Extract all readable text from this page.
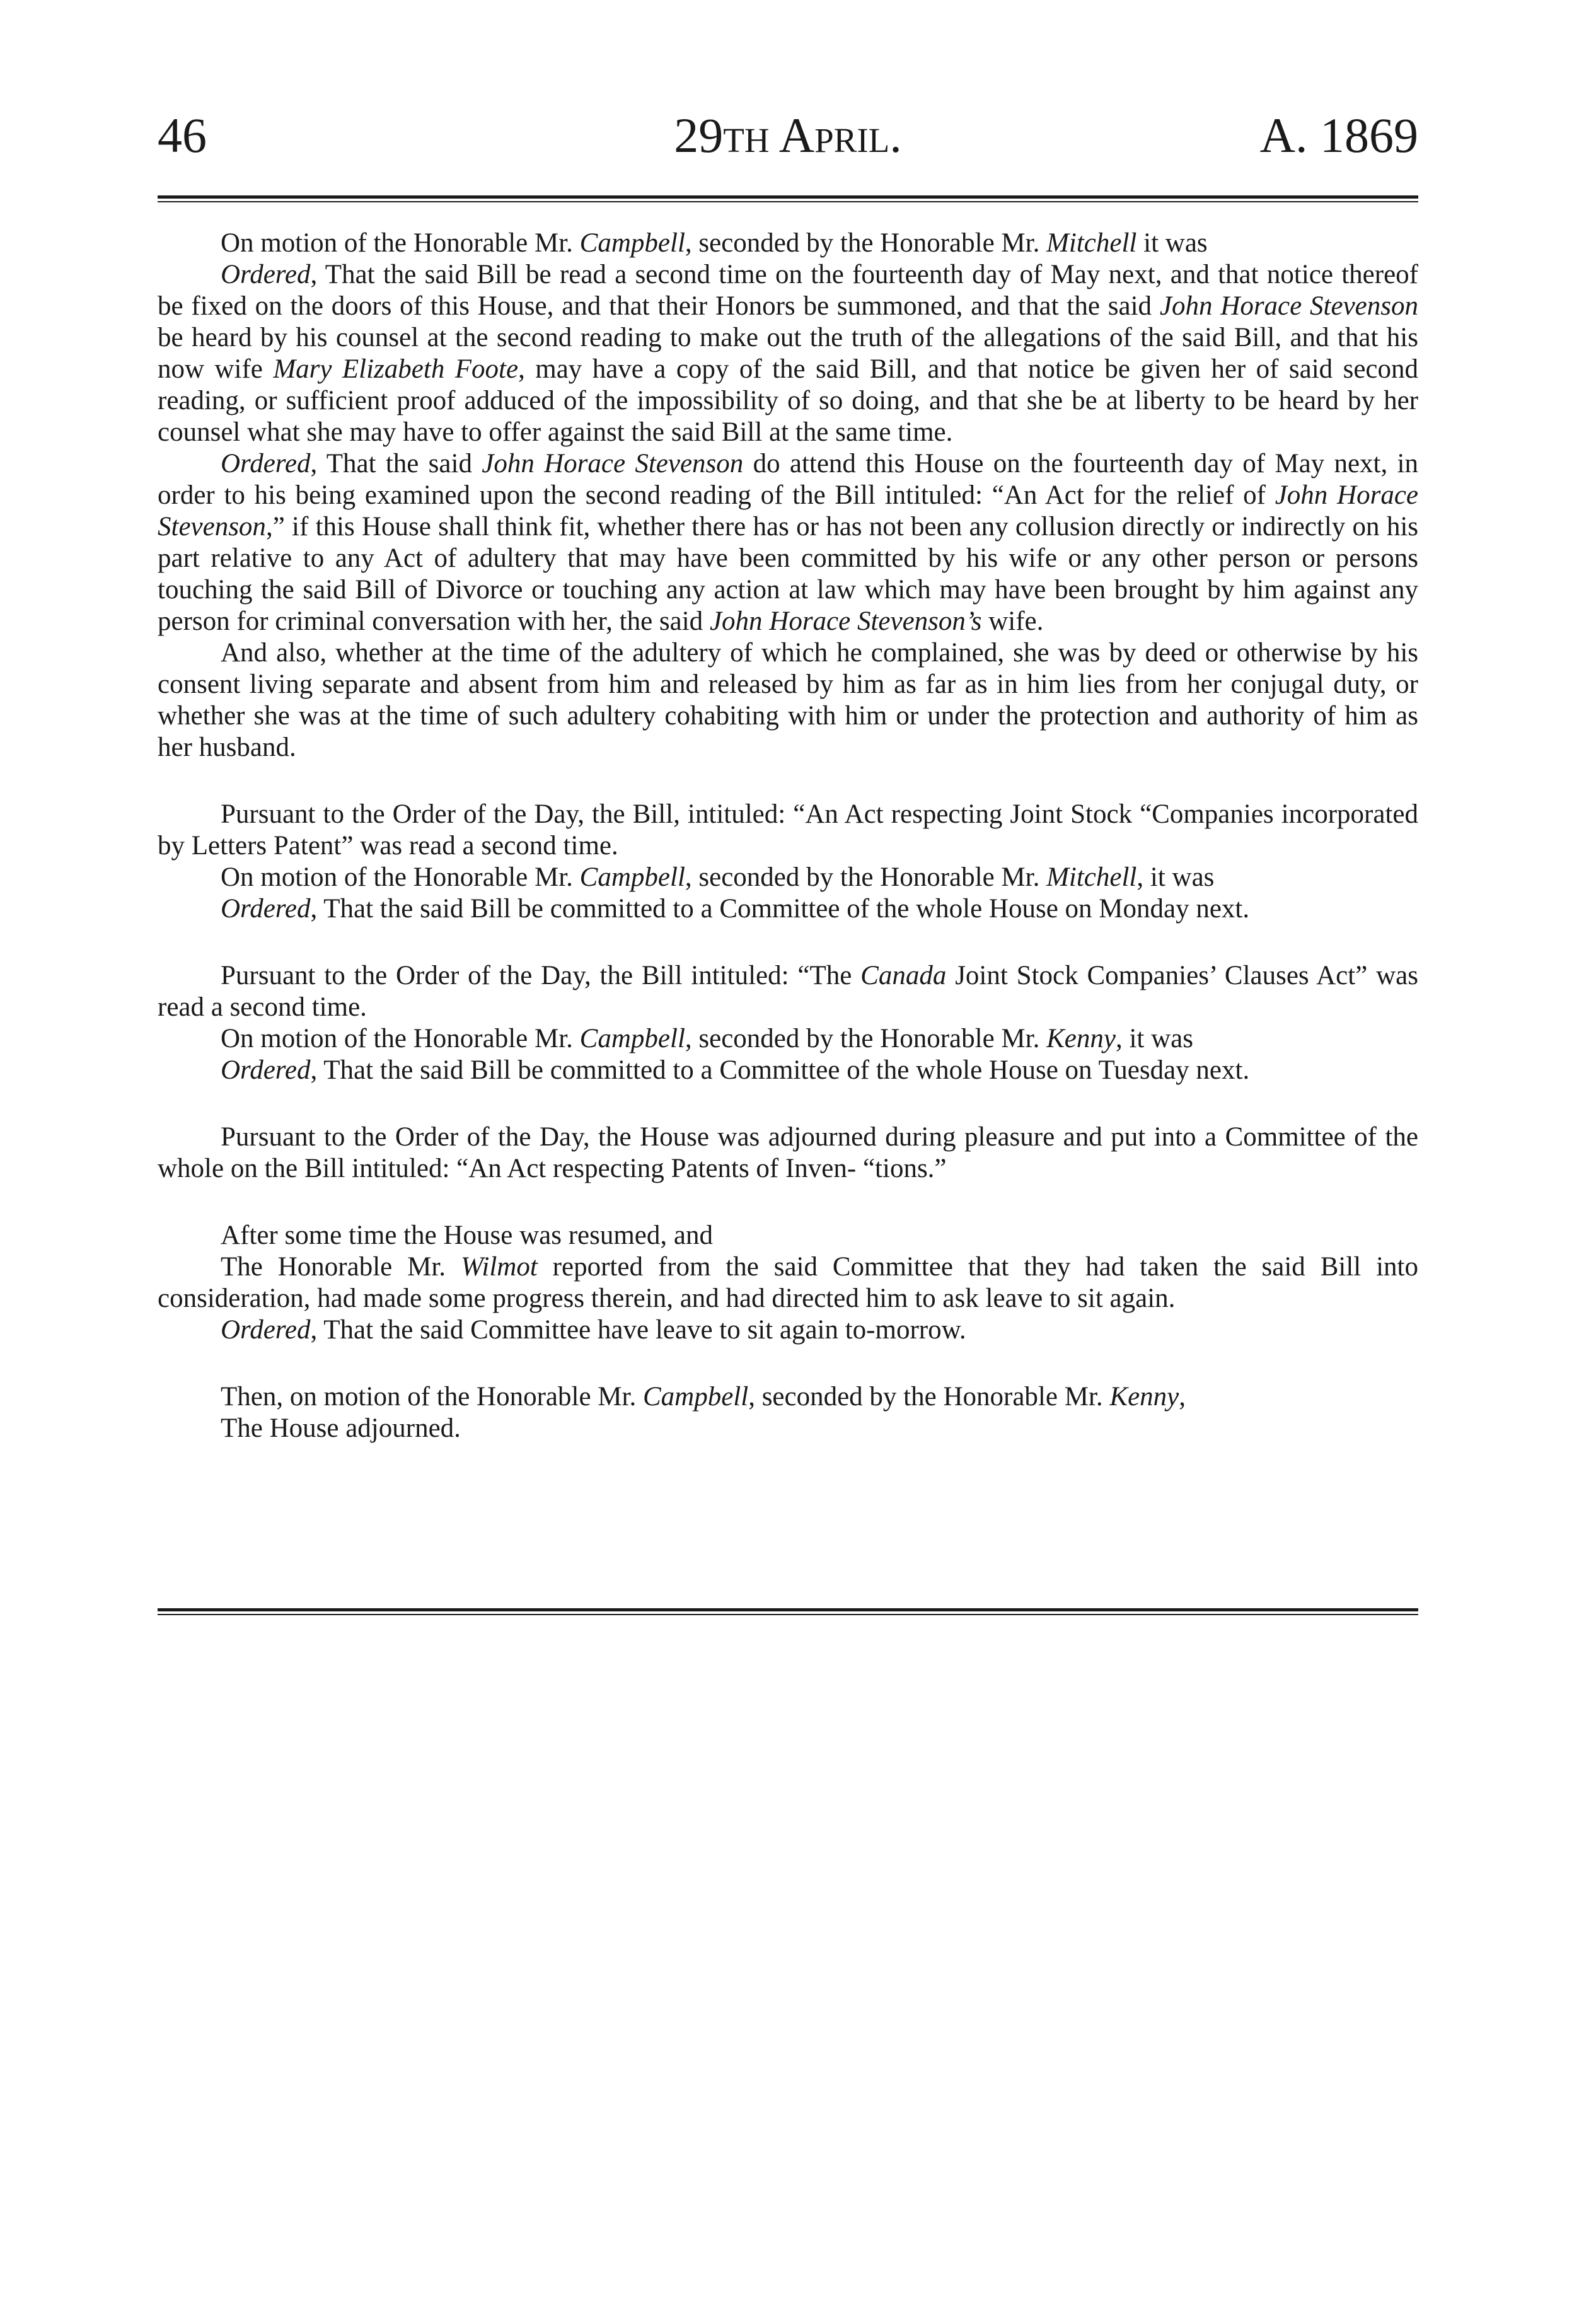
46	29th April.	A. 1869

On motion of the Honorable Mr. Campbell, seconded by the Honorable Mr. Mitchell it was

Ordered, That the said Bill be read a second time on the fourteenth day of May next, and that notice thereof be fixed on the doors of this House, and that their Honors be summoned, and that the said John Horace Stevenson be heard by his counsel at the second reading to make out the truth of the allegations of the said Bill, and that his now wife Mary Elizabeth Foote, may have a copy of the said Bill, and that notice be given her of said second reading, or sufficient proof adduced of the impossibility of so doing, and that she be at liberty to be heard by her counsel what she may have to offer against the said Bill at the same time.

Ordered, That the said John Horace Stevenson do attend this House on the fourteenth day of May next, in order to his being examined upon the second reading of the Bill intituled: “An Act for the relief of John Horace Stevenson,” if this House shall think fit, whether there has or has not been any collusion directly or indirectly on his part relative to any Act of adultery that may have been committed by his wife or any other person or persons touching the said Bill of Divorce or touching any action at law which may have been brought by him against any person for criminal conversation with her, the said John Horace Stevenson’s wife.

And also, whether at the time of the adultery of which he complained, she was by deed or otherwise by his consent living separate and absent from him and released by him as far as in him lies from her conjugal duty, or whether she was at the time of such adultery cohabiting with him or under the protection and authority of him as her husband.

Pursuant to the Order of the Day, the Bill, intituled: “An Act respecting Joint Stock “Companies incorporated by Letters Patent” was read a second time.

On motion of the Honorable Mr. Campbell, seconded by the Honorable Mr. Mitchell, it was

Ordered, That the said Bill be committed to a Committee of the whole House on Monday next.

Pursuant to the Order of the Day, the Bill intituled: “The Canada Joint Stock Companies’ Clauses Act” was read a second time.

On motion of the Honorable Mr. Campbell, seconded by the Honorable Mr. Kenny, it was

Ordered, That the said Bill be committed to a Committee of the whole House on Tuesday next.

Pursuant to the Order of the Day, the House was adjourned during pleasure and put into a Committee of the whole on the Bill intituled: “An Act respecting Patents of Inven- “tions.”

After some time the House was resumed, and

The Honorable Mr. Wilmot reported from the said Committee that they had taken the said Bill into consideration, had made some progress therein, and had directed him to ask leave to sit again.

Ordered, That the said Committee have leave to sit again to-morrow.

Then, on motion of the Honorable Mr. Campbell, seconded by the Honorable Mr. Kenny,

The House adjourned.
